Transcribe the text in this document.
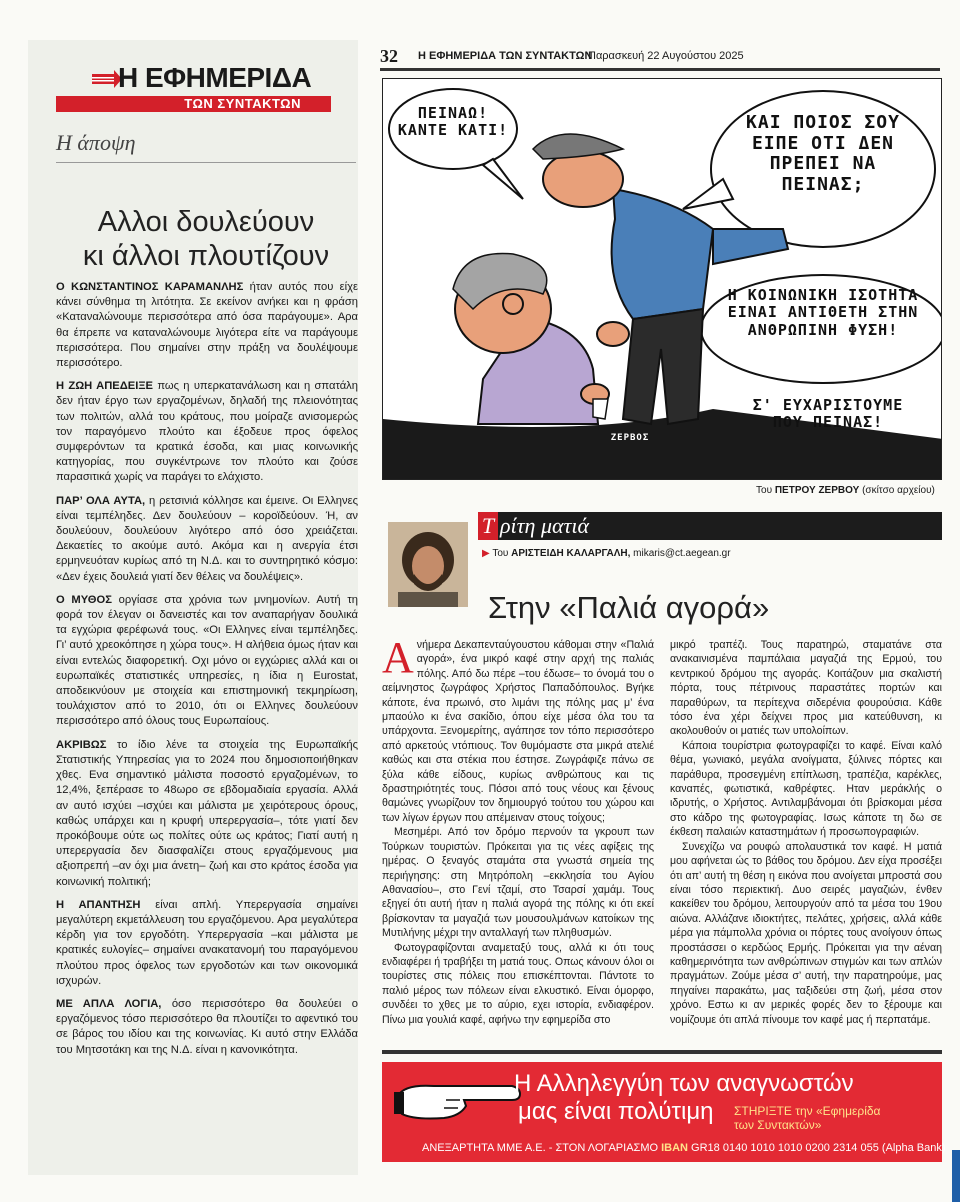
Η ΕΦΗΜΕΡΙΔΑ
ΤΩΝ ΣΥΝΤΑΚΤΩΝ
Η άποψη
Αλλοι δουλεύουν
κι άλλοι πλουτίζουν

Ο ΚΩΝΣΤΑΝΤΙΝΟΣ ΚΑΡΑΜΑΝΛΗΣ ήταν αυτός που είχε κάνει σύνθημα τη λιτότητα. Σε εκείνον ανήκει και η φράση «Καταναλώνουμε περισσότερα από όσα παράγουμε». Αρα θα έπρεπε να καταναλώνουμε λιγότερα είτε να παράγουμε περισσότερα. Που σημαίνει στην πράξη να δουλέψουμε περισσότερο.

Η ΖΩΗ ΑΠΕΔΕΙΞΕ πως η υπερκατανάλωση και η σπατάλη δεν ήταν έργο των εργαζομένων, δηλαδή της πλειονότητας των πολιτών, αλλά του κράτους, που μοίραζε ανισομερώς τον παραγόμενο πλούτο και έξοδευε προς όφελος συμφερόντων τα κρατικά έσοδα, και μιας κοινωνικής κατηγορίας, που συγκέντρωνε τον πλούτο και ζούσε παρασιτικά χωρίς να παράγει το ελάχιστο.

ΠΑΡ’ ΟΛΑ ΑΥΤΑ, η ρετσινιά κόλλησε και έμεινε. Οι Ελληνες είναι τεμπέληδες. Δεν δουλεύουν – κοροϊδεύουν. Ή, αν δουλεύουν, δουλεύουν λιγότερο από όσο χρειάζεται. Δεκαετίες το ακούμε αυτό. Ακόμα και η ανεργία έτσι ερμηνευόταν κυρίως από τη Ν.Δ. και το συντηρητικό κόσμο: «Δεν έχεις δουλειά γιατί δεν θέλεις να δουλέψεις».

Ο ΜΥΘΟΣ οργίασε στα χρόνια των μνημονίων. Αυτή τη φορά τον έλεγαν οι δανειστές και τον αναπαρήγαν δουλικά τα εγχώρια φερέφωνά τους. «Οι Ελληνες είναι τεμπέληδες. Γι’ αυτό χρεοκόπησε η χώρα τους». Η αλήθεια όμως ήταν και είναι εντελώς διαφορετική. Οχι μόνο οι εγχώριες αλλά και οι ευρωπαϊκές στατιστικές υπηρεσίες, η ίδια η Eurostat, αποδεικνύουν με στοιχεία και επιστημονική τεκμηρίωση, τουλάχιστον από το 2010, ότι οι Ελληνες δουλεύουν περισσότερο από όλους τους Ευρωπαίους.

ΑΚΡΙΒΩΣ το ίδιο λένε τα στοιχεία της Ευρωπαϊκής Στατιστικής Υπηρεσίας για το 2024 που δημοσιοποιήθηκαν χθες. Ενα σημαντικό μάλιστα ποσοστό εργαζομένων, το 12,4%, ξεπέρασε το 48ωρο σε εβδομαδιαία εργασία. Αλλά αν αυτό ισχύει –ισχύει και μάλιστα με χειρότερους όρους, καθώς υπάρχει και η κρυφή υπερεργασία–, τότε γιατί δεν προκόβουμε ούτε ως πολίτες ούτε ως κράτος; Γιατί αυτή η υπερεργασία δεν διασφαλίζει στους εργαζόμενους μια αξιοπρεπή –αν όχι μια άνετη– ζωή και στο κράτος έσοδα για κοινωνική πολιτική;

Η ΑΠΑΝΤΗΣΗ είναι απλή. Υπερεργασία σημαίνει μεγαλύτερη εκμετάλλευση του εργαζόμενου. Αρα μεγαλύτερα κέρδη για τον εργοδότη. Υπερεργασία –και μάλιστα με κρατικές ευλογίες– σημαίνει ανακατανομή του παραγόμενου πλούτου προς όφελος των εργοδοτών και των οικονομικά ισχυρών.

ΜΕ ΑΠΛΑ ΛΟΓΙΑ, όσο περισσότερο θα δουλεύει ο εργαζόμενος τόσο περισσότερο θα πλουτίζει το αφεντικό του σε βάρος του ιδίου και της κοινωνίας. Κι αυτό στην Ελλάδα του Μητσοτάκη και της Ν.Δ. είναι η κανονικότητα.

32 Η ΕΦΗΜΕΡΙΔΑ ΤΩΝ ΣΥΝΤΑΚΤΩΝ
Παρασκευή 22 Αυγούστου 2025
ΠΕΙΝΑΩ!
ΚΑΝΤΕ ΚΑΤΙ!	ΚΑΙ ΠΟΙΟΣ ΣΟΥ
ΕΙΠΕ ΟΤΙ ΔΕΝ
ΠΡΕΠΕΙ ΝΑ
ΠΕΙΝΑΣ;
Η ΚΟΙΝΩΝΙΚΗ ΙΣΟΤΗΤΑ
ΕΙΝΑΙ ΑΝΤΙΘΕΤΗ ΣΤΗΝ
ΑΝΘΡΩΠΙΝΗ ΦΥΣΗ!
Σ' ΕΥΧΑΡΙΣΤΟΥΜΕ
ΠΟΥ ΠΕΙΝΑΣ!
ΖΕΡΒΟΣ
Του ΠΕΤΡΟΥ ΖΕΡΒΟΥ (σκίτσο αρχείου)
Τ ρίτη ματιά
▶ Του ΑΡΙΣΤΕΙΔΗ ΚΑΛΑΡΓΑΛΗ, mikaris@ct.aegean.gr
Στην «Παλιά αγορά»

Ανήμερα Δεκαπενταύγουστου κάθομαι στην «Παλιά αγορά», ένα μικρό καφέ στην αρχή της παλιάς πόλης. Από δω πέρε –του έδωσε– το όνομά του ο αείμνηστος ζωγράφος Χρήστος Παπαδόπουλος. Βγήκε κάποτε, ένα πρωινό, στο λιμάνι της πόλης μας μ’ ένα μπαούλο κι ένα σακίδιο, όπου είχε μέσα όλα του τα υπάρχοντα. Ξενομερίτης, αγάπησε τον τόπο περισσότερο από αρκετούς ντόπιους. Τον θυμόμαστε στα μικρά ατελιέ καθώς και στα στέκια που έστησε. Ζωγράφιζε πάνω σε ξύλα κάθε είδους, κυρίως ανθρώπους και τις δραστηριότητές τους. Πόσοι από τους νέους και ξένους θαμώνες γνωρίζουν τον δημιουργό τούτου του χώρου και των λίγων έργων που απέμειναν στους τοίχους;

Μεσημέρι. Από τον δρόμο περνούν τα γκρουπ των Τούρκων τουριστών. Πρόκειται για τις νέες αφίξεις της ημέρας. Ο ξεναγός σταμάτα στα γνωστά σημεία της περιήγησης: στη Μητρόπολη –εκκλησία του Αγίου Αθανασίου–, στο Γενί τζαμί, στο Τσαρσί χαμάμ. Τους εξηγεί ότι αυτή ήταν η παλιά αγορά της πόλης κι ότι εκεί βρίσκονταν τα μαγαζιά των μουσουλμάνων κατοίκων της Μυτιλήνης μέχρι την ανταλλαγή των πληθυσμών.

Φωτογραφίζονται αναμεταξύ τους, αλλά κι ότι τους ενδιαφέρει ή τραβήξει τη ματιά τους. Οπως κάνουν όλοι οι τουρίστες στις πόλεις που επισκέπτονται. Πάντοτε το παλιό μέρος των πόλεων είναι ελκυστικό. Είναι όμορφο, συνδέει το χθες με το αύριο, εχει ιστορία, ενδιαφέρον. Πίνω μια γουλιά καφέ, αφήνω την εφημερίδα στο

μικρό τραπέζι. Τους παρατηρώ, σταματάνε στα ανακαινισμένα παμπάλαια μαγαζιά της Ερμού, του κεντρικού δρόμου της αγοράς. Κοιτάζουν μια σκαλιστή πόρτα, τους πέτρινους παραστάτες πορτών και παραθύρων, τα περίτεχνα σιδερένια φουρούσια. Κάθε τόσο ένα χέρι δείχνει προς μια κατεύθυνση, κι ακολουθούν οι ματιές των υπολοίπων.

Κάποια τουρίστρια φωτογραφίζει το καφέ. Είναι καλό θέμα, γωνιακό, μεγάλα ανοίγματα, ξύλινες πόρτες και παράθυρα, προσεγμένη επίπλωση, τραπέζια, καρέκλες, καναπές, φωτιστικά, καθρέφτες. Ηταν μεράκλής ο ιδρυτής, ο Χρήστος. Αντιλαμβάνομαι ότι βρίσκομαι μέσα στο κάδρο της φωτογραφίας. Ισως κάποτε τη δω σε έκθεση παλαιών καταστημάτων ή προσωπογραφιών.

Συνεχίζω να ρουφώ απολαυστικά τον καφέ. Η ματιά μου αφήνεται ώς το βάθος του δρόμου. Δεν είχα προσέξει ότι απ’ αυτή τη θέση η εικόνα που ανοίγεται μπροστά σου είναι τόσο περιεκτική. Δυο σειρές μαγαζιών, ένθεν κακείθεν του δρόμου, λειτουργούν από τα μέσα του 19ου αιώνα. Αλλάζανε ιδιοκτήτες, πελάτες, χρήσεις, αλλά κάθε μέρα για πάμπολλα χρόνια οι πόρτες τους ανοίγουν όπως προστάσσει ο κερδώος Ερμής. Πρόκειται για την αέναη καθημερινότητα των ανθρώπινων στιγμών και των απλών πραγμάτων. Ζούμε μέσα σ’ αυτή, την παρατηρούμε, μας πηγαίνει παρακάτω, μας ταξιδεύει στη ζωή, μέσα στον χρόνο. Εστω κι αν μερικές φορές δεν το ξέρουμε και νομίζουμε ότι απλά πίνουμε τον καφέ μας ή περπατάμε.

Η Αλληλεγγύη των αναγνωστών
μας είναι πολύτιμη ΣΤΗΡΙΞΤΕ την «Εφημερίδα
των Συντακτών»
ΑΝΕΞΑΡΤΗΤΑ ΜΜΕ Α.Ε. - ΣΤΟΝ ΛΟΓΑΡΙΑΣΜΟ IBAN GR18 0140 1010 1010 0200 2314 055 (Alpha Bank)
